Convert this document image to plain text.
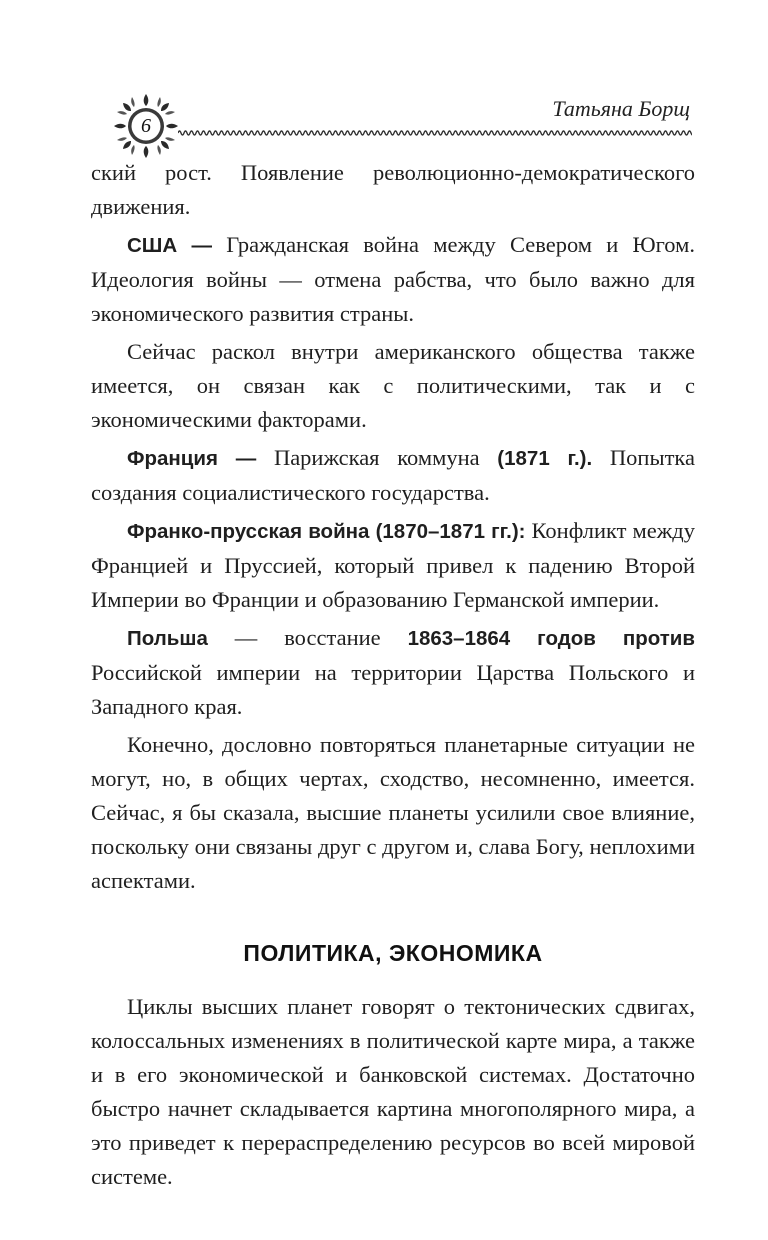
6
Татьяна Борщ

ский рост. Появление революционно-демократического движения.

США — Гражданская война между Севером и Югом. Идеология войны — отмена рабства, что было важно для экономического развития страны.

Сейчас раскол внутри американского общества также имеется, он связан как с политическими, так и с экономическими факторами.

Франция — Парижская коммуна (1871 г.). Попытка создания социалистического государства.

Франко-прусская война (1870–1871 гг.): Конфликт между Францией и Пруссией, который привел к падению Второй Империи во Франции и образованию Германской империи.

Польша — восстание 1863–1864 годов против Российской империи на территории Царства Польского и Западного края.

Конечно, дословно повторяться планетарные ситуации не могут, но, в общих чертах, сходство, несомненно, имеется. Сейчас, я бы сказала, высшие планеты усилили свое влияние, поскольку они связаны друг с другом и, слава Богу, неплохими аспектами.

ПОЛИТИКА, ЭКОНОМИКА

Циклы высших планет говорят о тектонических сдвигах, колоссальных изменениях в политической карте мира, а также и в его экономической и банковской системах. Достаточно быстро начнет складывается картина многополярного мира, а это приведет к перераспределению ресурсов во всей мировой системе.
